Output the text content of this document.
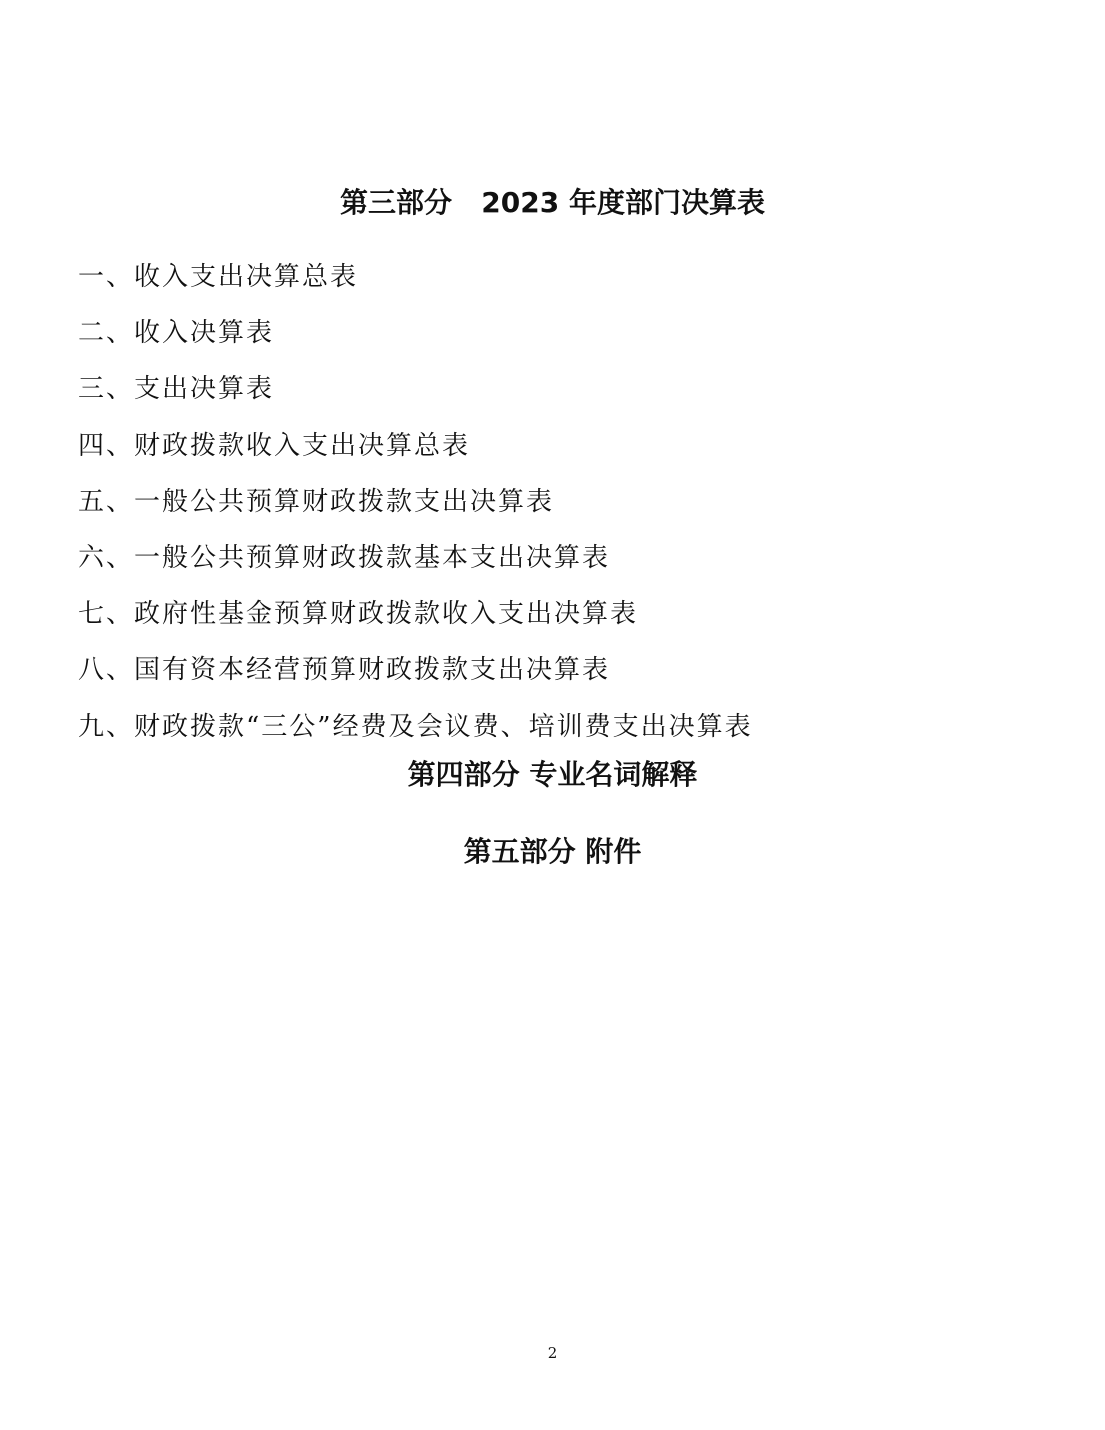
第三部分   2023 年度部门决算表
一、收入支出决算总表
二、收入决算表
三、支出决算表
四、财政拨款收入支出决算总表
五、一般公共预算财政拨款支出决算表
六、一般公共预算财政拨款基本支出决算表
七、政府性基金预算财政拨款收入支出决算表
八、国有资本经营预算财政拨款支出决算表
九、财政拨款“三公”经费及会议费、培训费支出决算表
第四部分 专业名词解释
第五部分 附件
2
